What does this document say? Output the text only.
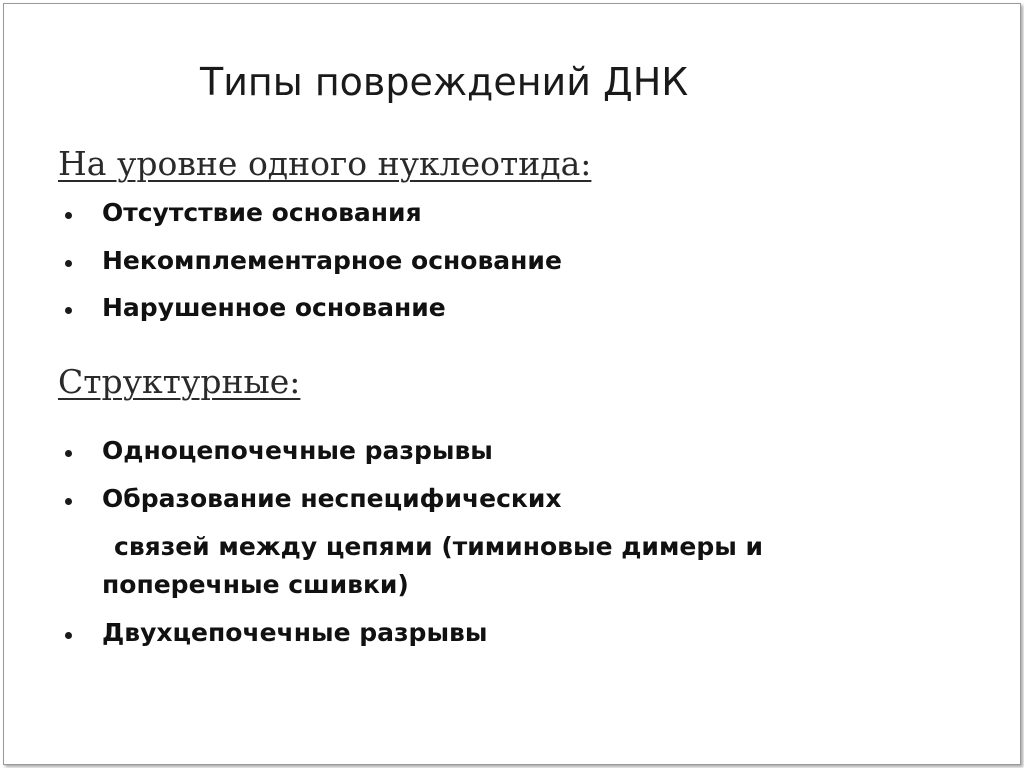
Типы повреждений ДНК
На уровне одного нуклеотида:
Отсутствие основания
Некомплементарное основание
Нарушенное основание
Структурные:
Одноцепочечные разрывы
Образование неспецифических
связей между цепями (тиминовые димеры и
поперечные сшивки)
Двухцепочечные разрывы
